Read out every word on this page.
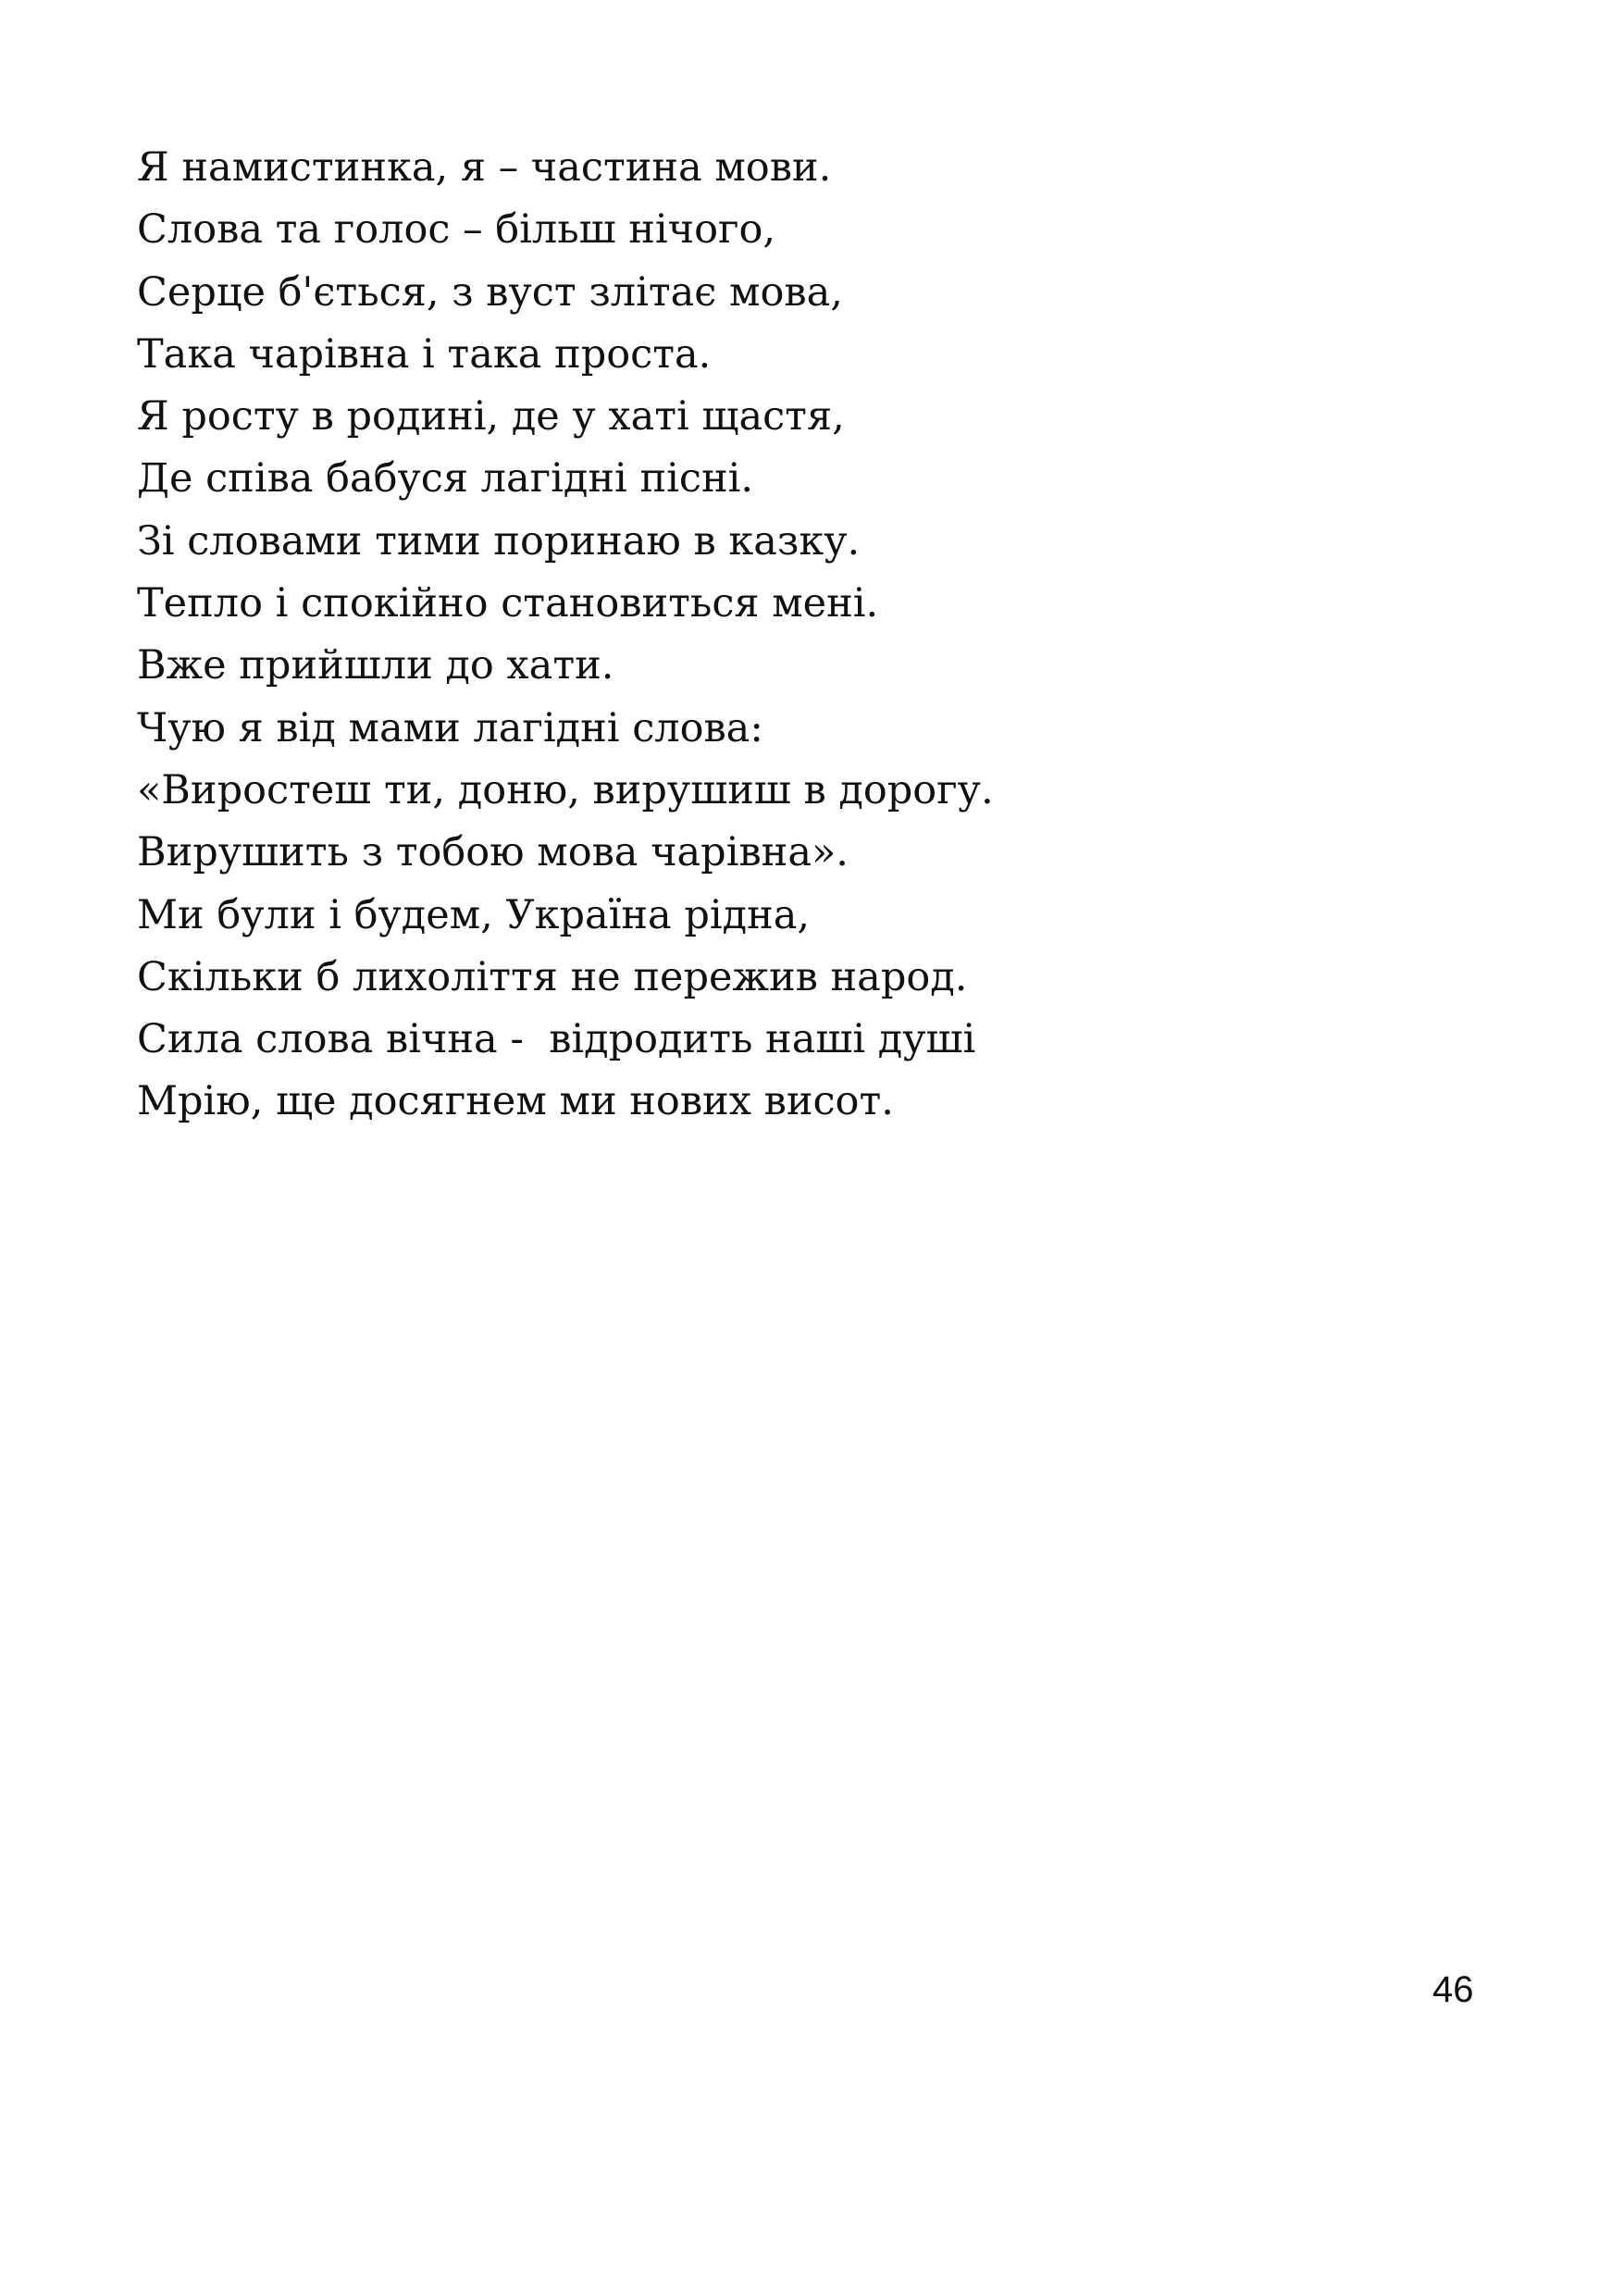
Я намистинка, я – частина мови.
Слова та голос – більш нічого,
Серце б'ється, з вуст злітає мова,
Така чарівна і така проста.
Я росту в родині, де у хаті щастя,
Де співа бабуся лагідні пісні.
Зі словами тими поринаю в казку.
Тепло і спокійно становиться мені.
Вже прийшли до хати.
Чую я від мами лагідні слова:
«Виростеш ти, доню, вирушиш в дорогу.
Вирушить з тобою мова чарівна».
Ми були і будем, Україна рідна,
Скільки б лихоліття не пережив народ.
Сила слова вічна -  відродить наші душі
Мрію, ще досягнем ми нових висот.
46
